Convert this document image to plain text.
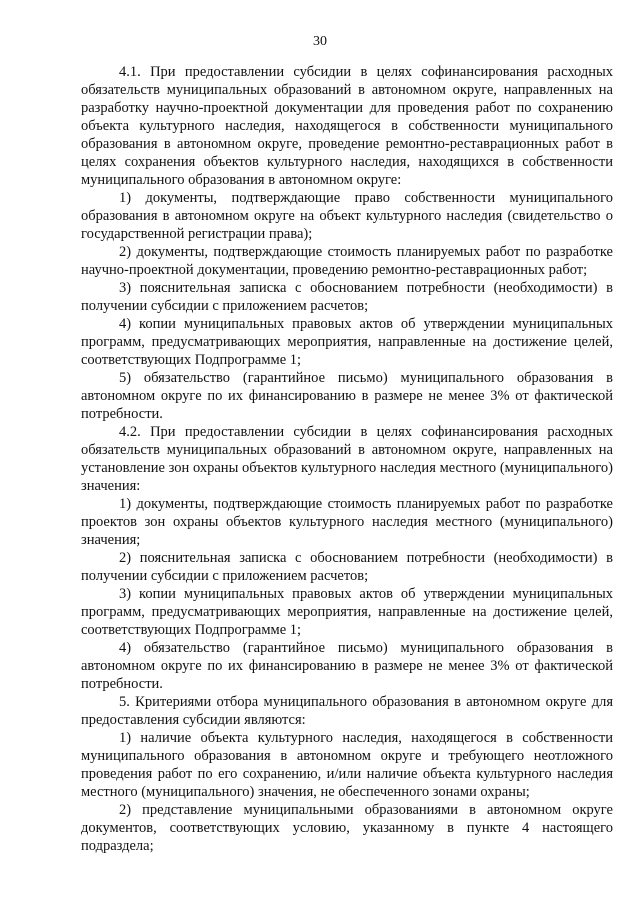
30

4.1. При предоставлении субсидии в целях софинансирования расходных обязательств муниципальных образований в автономном округе, направленных на разработку научно-проектной документации для проведения работ по сохранению объекта культурного наследия, находящегося в собственности муниципального образования в автономном округе, проведение ремонтно-реставрационных работ в целях сохранения объектов культурного наследия, находящихся в собственности муниципального образования в автономном округе:

1) документы, подтверждающие право собственности муниципального образования в автономном округе на объект культурного наследия (свидетельство о государственной регистрации права);

2) документы, подтверждающие стоимость планируемых работ по разработке научно-проектной документации, проведению ремонтно-реставрационных работ;

3) пояснительная записка с обоснованием потребности (необходимости) в получении субсидии с приложением расчетов;

4) копии муниципальных правовых актов об утверждении муниципальных программ, предусматривающих мероприятия, направленные на достижение целей, соответствующих Подпрограмме 1;

5) обязательство (гарантийное письмо) муниципального образования в автономном округе по их финансированию в размере не менее 3% от фактической потребности.

4.2. При предоставлении субсидии в целях софинансирования расходных обязательств муниципальных образований в автономном округе, направленных на установление зон охраны объектов культурного наследия местного (муниципального) значения:

1) документы, подтверждающие стоимость планируемых работ по разработке проектов зон охраны объектов культурного наследия местного (муниципального) значения;

2) пояснительная записка с обоснованием потребности (необходимости) в получении субсидии с приложением расчетов;

3) копии муниципальных правовых актов об утверждении муниципальных программ, предусматривающих мероприятия, направленные на достижение целей, соответствующих Подпрограмме 1;

4) обязательство (гарантийное письмо) муниципального образования в автономном округе по их финансированию в размере не менее 3% от фактической потребности.

5. Критериями отбора муниципального образования в автономном округе для предоставления субсидии являются:

1) наличие объекта культурного наследия, находящегося в собственности муниципального образования в автономном округе и требующего неотложного проведения работ по его сохранению, и/или наличие объекта культурного наследия местного (муниципального) значения, не обеспеченного зонами охраны;

2) представление муниципальными образованиями в автономном округе документов, соответствующих условию, указанному в пункте 4 настоящего подраздела;
